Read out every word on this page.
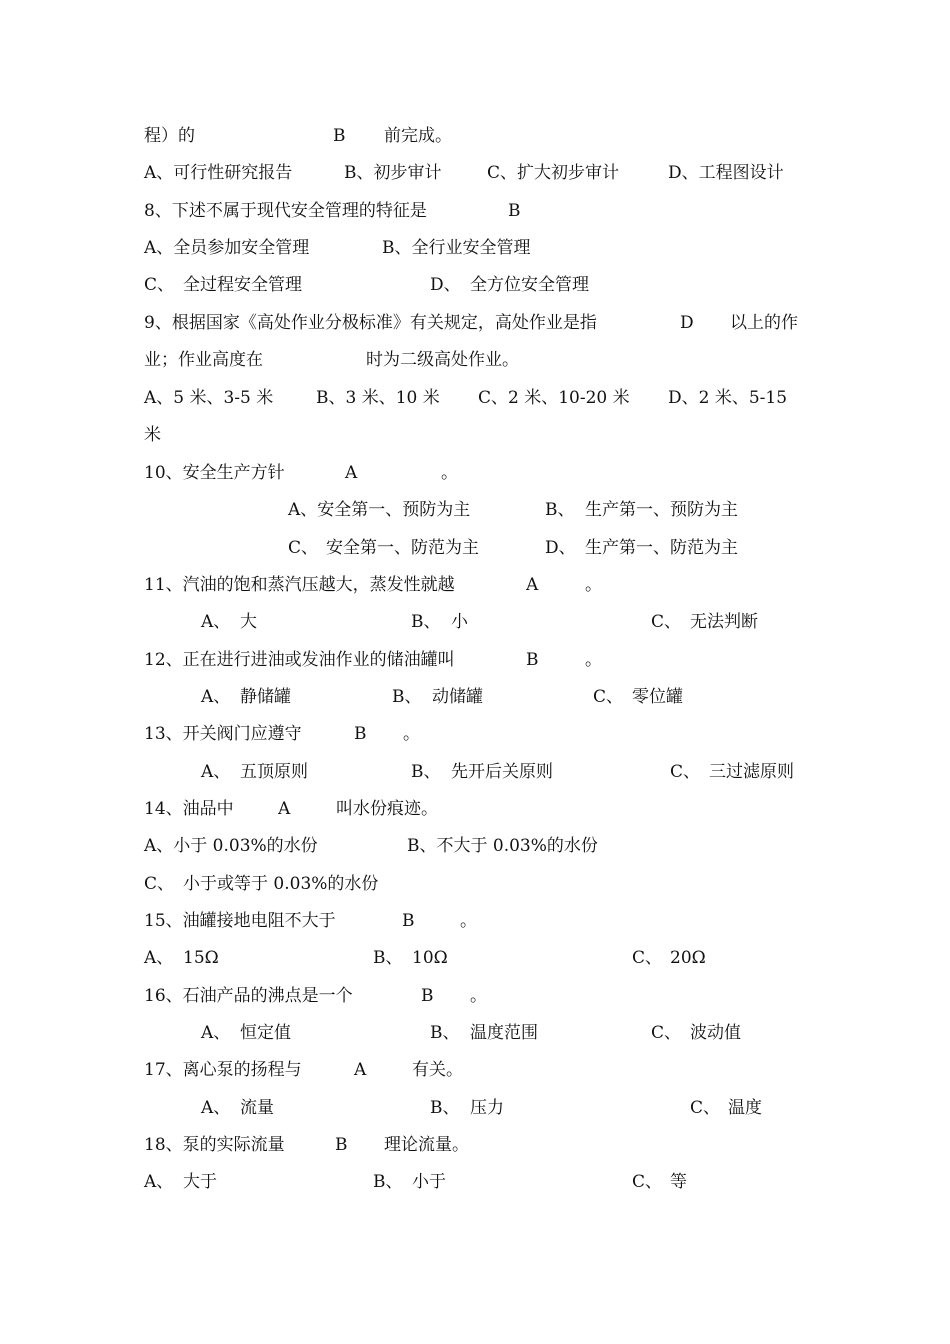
程）的	B 前完成。
A、可行性研究报告	B、初步审计	C、扩大初步审计	D、工程图设计
8、下述不属于现代安全管理的特征是	B
A、全员参加安全管理	B、全行业安全管理
C、 全过程安全管理	D、 全方位安全管理
9、根据国家《高处作业分极标准》有关规定，高处作业是指	D 以上的作
业；作业高度在	时为二级高处作业。
A、5 米、3-5 米	B、3 米、10 米 C、2 米、10-20 米 D、2 米、5-15
米
10、安全生产方针	A	。
A、安全第一、预防为主	B、 生产第一、预防为主
C、 安全第一、防范为主	D、 生产第一、防范为主
11、汽油的饱和蒸汽压越大，蒸发性就越	A	。
A、 大	B、 小	C、 无法判断
12、正在进行进油或发油作业的储油罐叫	B	。
A、 静储罐	B、 动储罐	C、 零位罐
13、开关阀门应遵守	B 。
A、 五顶原则	B、 先开后关原则	C、 三过滤原则
14、油品中	A	叫水份痕迹。
A、小于 0.03%的水份	B、不大于 0.03%的水份
C、 小于或等于 0.03%的水份
15、油罐接地电阻不大于	B	。
A、 15Ω	B、 10Ω	C、 20Ω
16、石油产品的沸点是一个	B 。
A、 恒定值	B、 温度范围	C、 波动值
17、离心泵的扬程与	A	有关。
A、 流量	B、 压力	C、 温度
18、泵的实际流量	B 理论流量。
A、 大于	B、 小于	C、 等
